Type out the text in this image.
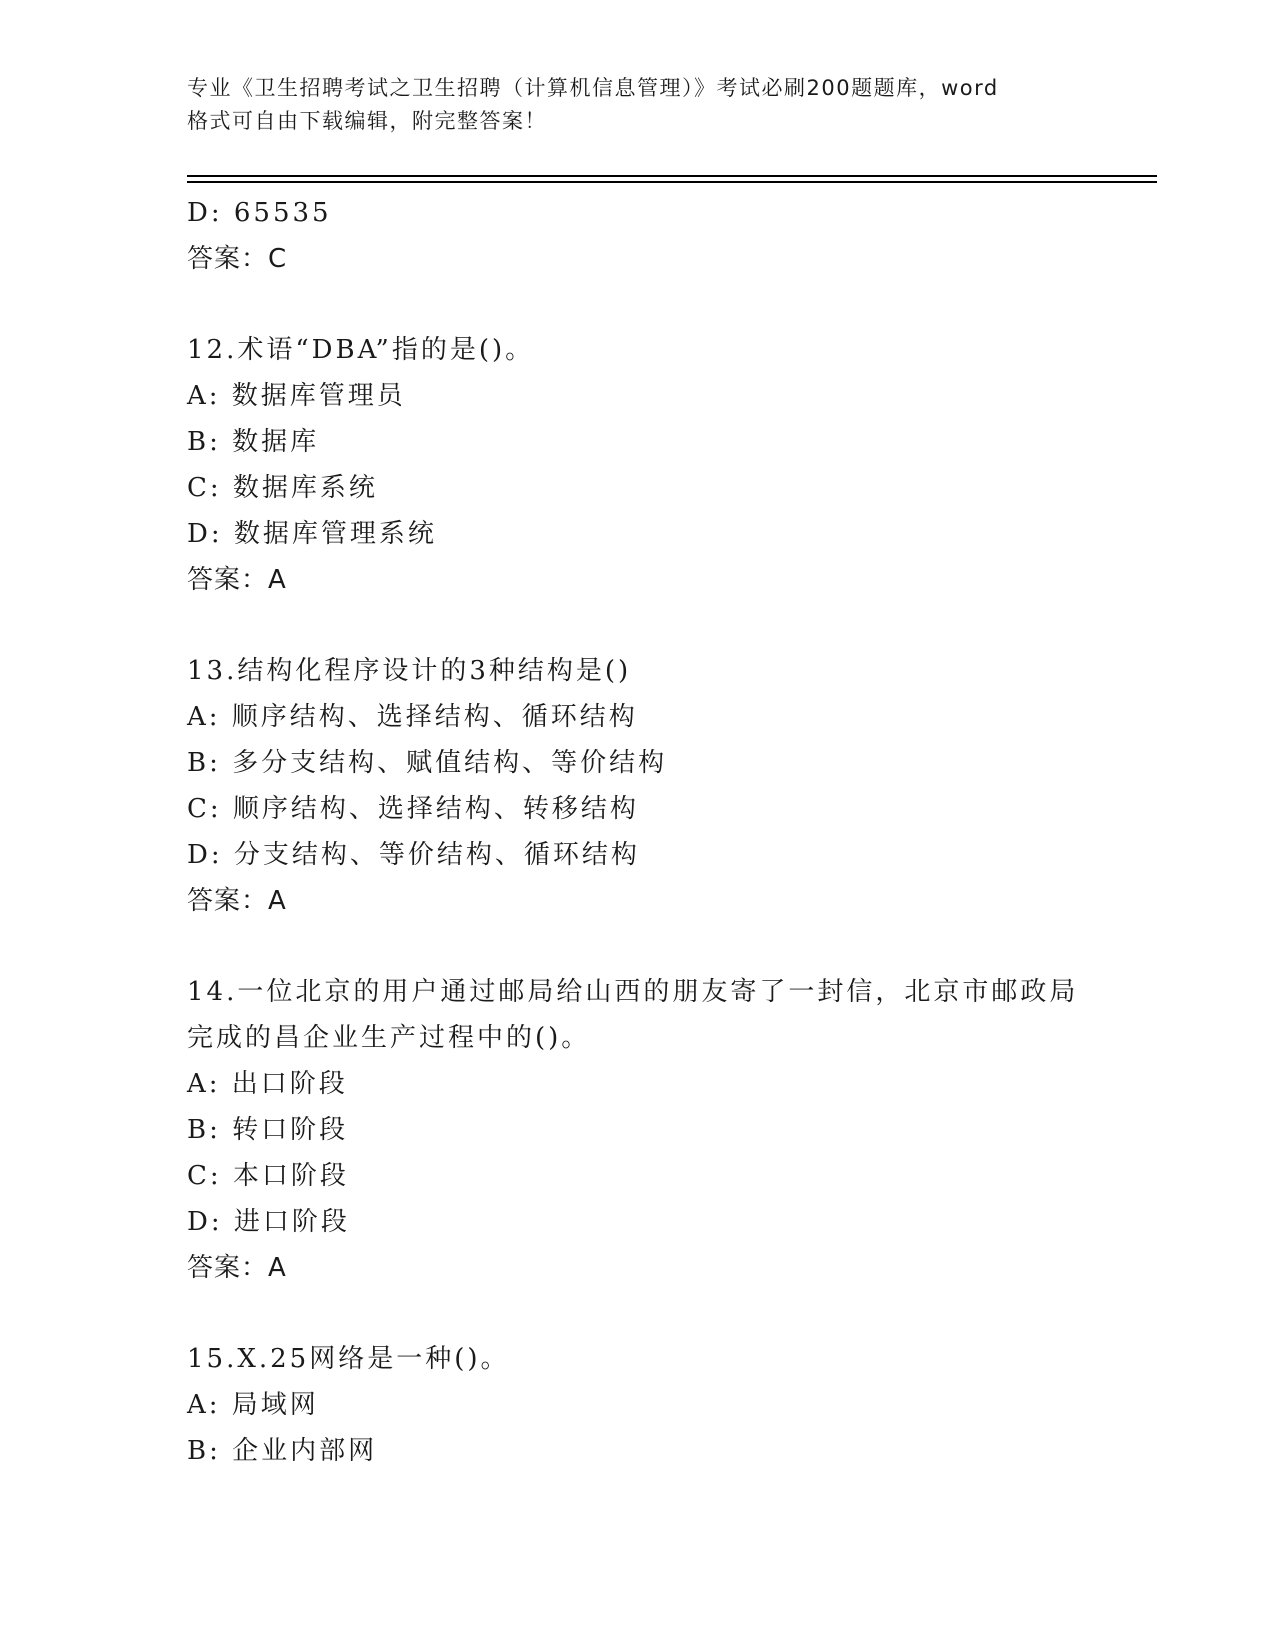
专业《卫生招聘考试之卫生招聘（计算机信息管理）》考试必刷200题题库，word
格式可自由下载编辑，附完整答案！
D: 65535
答案：C
12.术语“DBA”指的是()。
A: 数据库管理员
B: 数据库
C: 数据库系统
D: 数据库管理系统
答案：A
13.结构化程序设计的3种结构是()
A: 顺序结构、选择结构、循环结构
B: 多分支结构、赋值结构、等价结构
C: 顺序结构、选择结构、转移结构
D: 分支结构、等价结构、循环结构
答案：A
14.一位北京的用户通过邮局给山西的朋友寄了一封信，北京市邮政局
完成的昌企业生产过程中的()。
A: 出口阶段
B: 转口阶段
C: 本口阶段
D: 进口阶段
答案：A
15.X.25网络是一种()。
A: 局域网
B: 企业内部网
